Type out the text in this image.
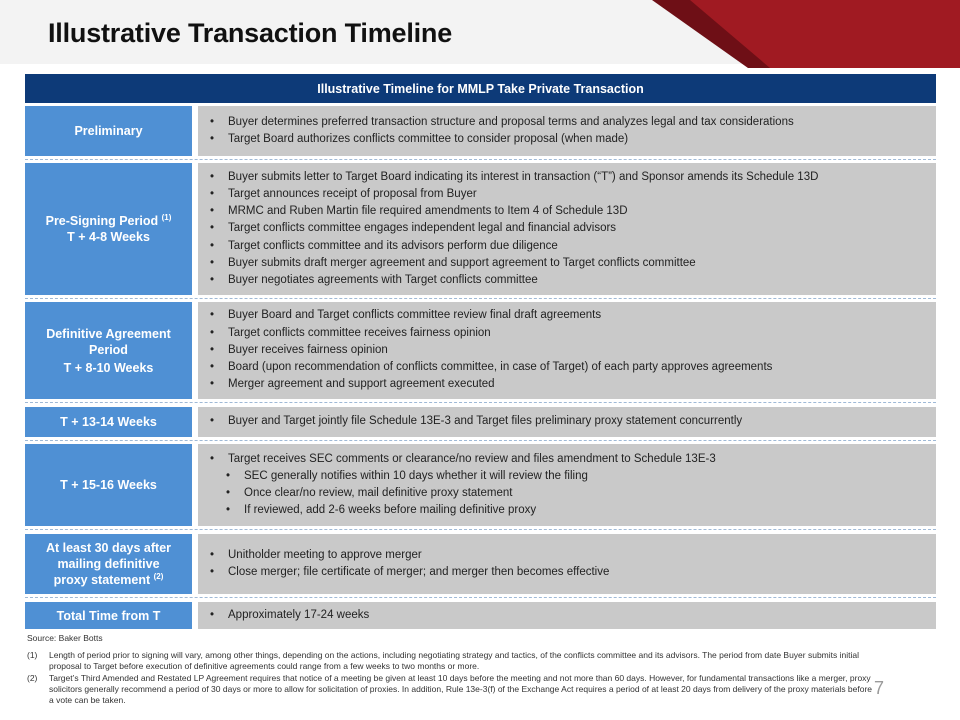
Illustrative Transaction Timeline
Illustrative Timeline for MMLP Take Private Transaction
Preliminary
• Buyer determines preferred transaction structure and proposal terms and analyzes legal and tax considerations
• Target Board authorizes conflicts committee to consider proposal (when made)
Pre-Signing Period $^{(1)}$
T + 4-8 Weeks
• Buyer submits letter to Target Board indicating its interest in transaction (“T”) and Sponsor amends its Schedule 13D
• Target announces receipt of proposal from Buyer
• MRMC and Ruben Martin file required amendments to Item 4 of Schedule 13D
• Target conflicts committee engages independent legal and financial advisors
• Target conflicts committee and its advisors perform due diligence
• Buyer submits draft merger agreement and support agreement to Target conflicts committee
• Buyer negotiates agreements with Target conflicts committee
Definitive Agreement
Period
T + 8-10 Weeks
• Buyer Board and Target conflicts committee review final draft agreements
• Target conflicts committee receives fairness opinion
• Buyer receives fairness opinion
• Board (upon recommendation of conflicts committee, in case of Target) of each party approves agreements
• Merger agreement and support agreement executed
T + 13-14 Weeks	• Buyer and Target jointly file Schedule 13E-3 and Target files preliminary proxy statement concurrently
T + 15-16 Weeks
• Target receives SEC comments or clearance/no review and files amendment to Schedule 13E-3
• SEC generally notifies within 10 days whether it will review the filing
• Once clear/no review, mail definitive proxy statement
• If reviewed, add 2-6 weeks before mailing definitive proxy
At least 30 days after
mailing definitive
proxy statement $^{(2)}$
• Unitholder meeting to approve merger
• Close merger; file certificate of merger; and merger then becomes effective
Total Time from T	• Approximately 17-24 weeks
Source: Baker Botts
(1)	Length of period prior to signing will vary, among other things, depending on the actions, including negotiating strategy and tactics, of the conflicts committee and its advisors. The period from date Buyer submits initial proposal to Target before execution of definitive agreements could range from a few weeks to two months or more.
(2)	Target’s Third Amended and Restated LP Agreement requires that notice of a meeting be given at least 10 days before the meeting and not more than 60 days. However, for fundamental transactions like a merger, proxy solicitors generally recommend a period of 30 days or more to allow for solicitation of proxies. In addition, Rule 13e-3(f) of the Exchange Act requires a period of at least 20 days from delivery of the proxy materials before a vote can be taken.
7
